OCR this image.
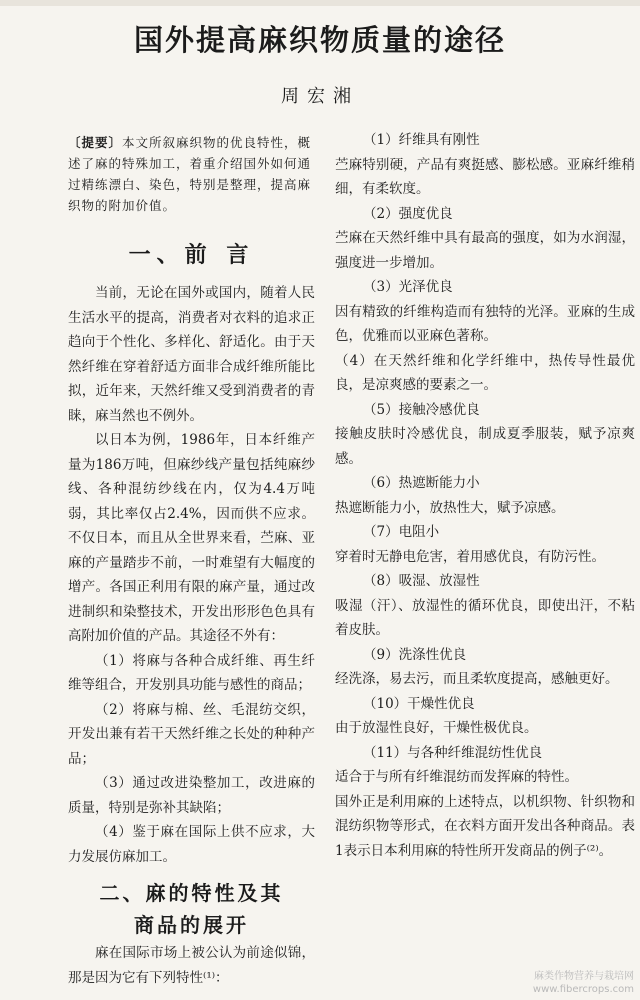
国外提高麻织物质量的途径
周宏湘
〔提要〕本文所叙麻织物的优良特性，概述了麻的特殊加工，着重介绍国外如何通过精练漂白、染色，特别是整理，提高麻织物的附加价值。
一、前 言

当前，无论在国外或国内，随着人民生活水平的提高，消费者对衣料的追求正趋向于个性化、多样化、舒适化。由于天然纤维在穿着舒适方面非合成纤维所能比拟，近年来，天然纤维又受到消费者的青睐，麻当然也不例外。

以日本为例，1986年，日本纤维产量为186万吨，但麻纱线产量包括纯麻纱线、各种混纺纱线在内，仅为4.4万吨弱，其比率仅占2.4%，因而供不应求。不仅日本，而且从全世界来看，苎麻、亚麻的产量踏步不前，一时难望有大幅度的增产。各国正利用有限的麻产量，通过改进制织和染整技术，开发出形形色色具有高附加价值的产品。其途径不外有：

（1）将麻与各种合成纤维、再生纤维等组合，开发别具功能与感性的商品；

（2）将麻与棉、丝、毛混纺交织，开发出兼有若干天然纤维之长处的种种产品；

（3）通过改进染整加工，改进麻的质量，特别是弥补其缺陷；

（4）鉴于麻在国际上供不应求，大力发展仿麻加工。

二、麻的特性及其
商品的展开

麻在国际市场上被公认为前途似锦，那是因为它有下列特性⁽¹⁾：

（1）纤维具有刚性

苎麻特别硬，产品有爽挺感、膨松感。亚麻纤维稍细，有柔软度。

（2）强度优良

苎麻在天然纤维中具有最高的强度，如为水润湿，强度进一步增加。

（3）光泽优良

因有精致的纤维构造而有独特的光泽。亚麻的生成色，优雅而以亚麻色著称。

（4）在天然纤维和化学纤维中，热传导性最优良，是凉爽感的要素之一。

（5）接触冷感优良

接触皮肤时冷感优良，制成夏季服装，赋予凉爽感。

（6）热遮断能力小

热遮断能力小，放热性大，赋予凉感。

（7）电阻小

穿着时无静电危害，着用感优良，有防污性。

（8）吸湿、放湿性

吸湿（汗）、放湿性的循环优良，即使出汗，不粘着皮肤。

（9）洗涤性优良

经洗涤，易去污，而且柔软度提高，感触更好。

（10）干燥性优良

由于放湿性良好，干燥性极优良。

（11）与各种纤维混纺性优良

适合于与所有纤维混纺而发挥麻的特性。

国外正是利用麻的上述特点，以机织物、针织物和混纺织物等形式，在衣料方面开发出各种商品。表1表示日本利用麻的特性所开发商品的例子⁽²⁾。

麻类作物营养与栽培网
www.fibercrops.com
